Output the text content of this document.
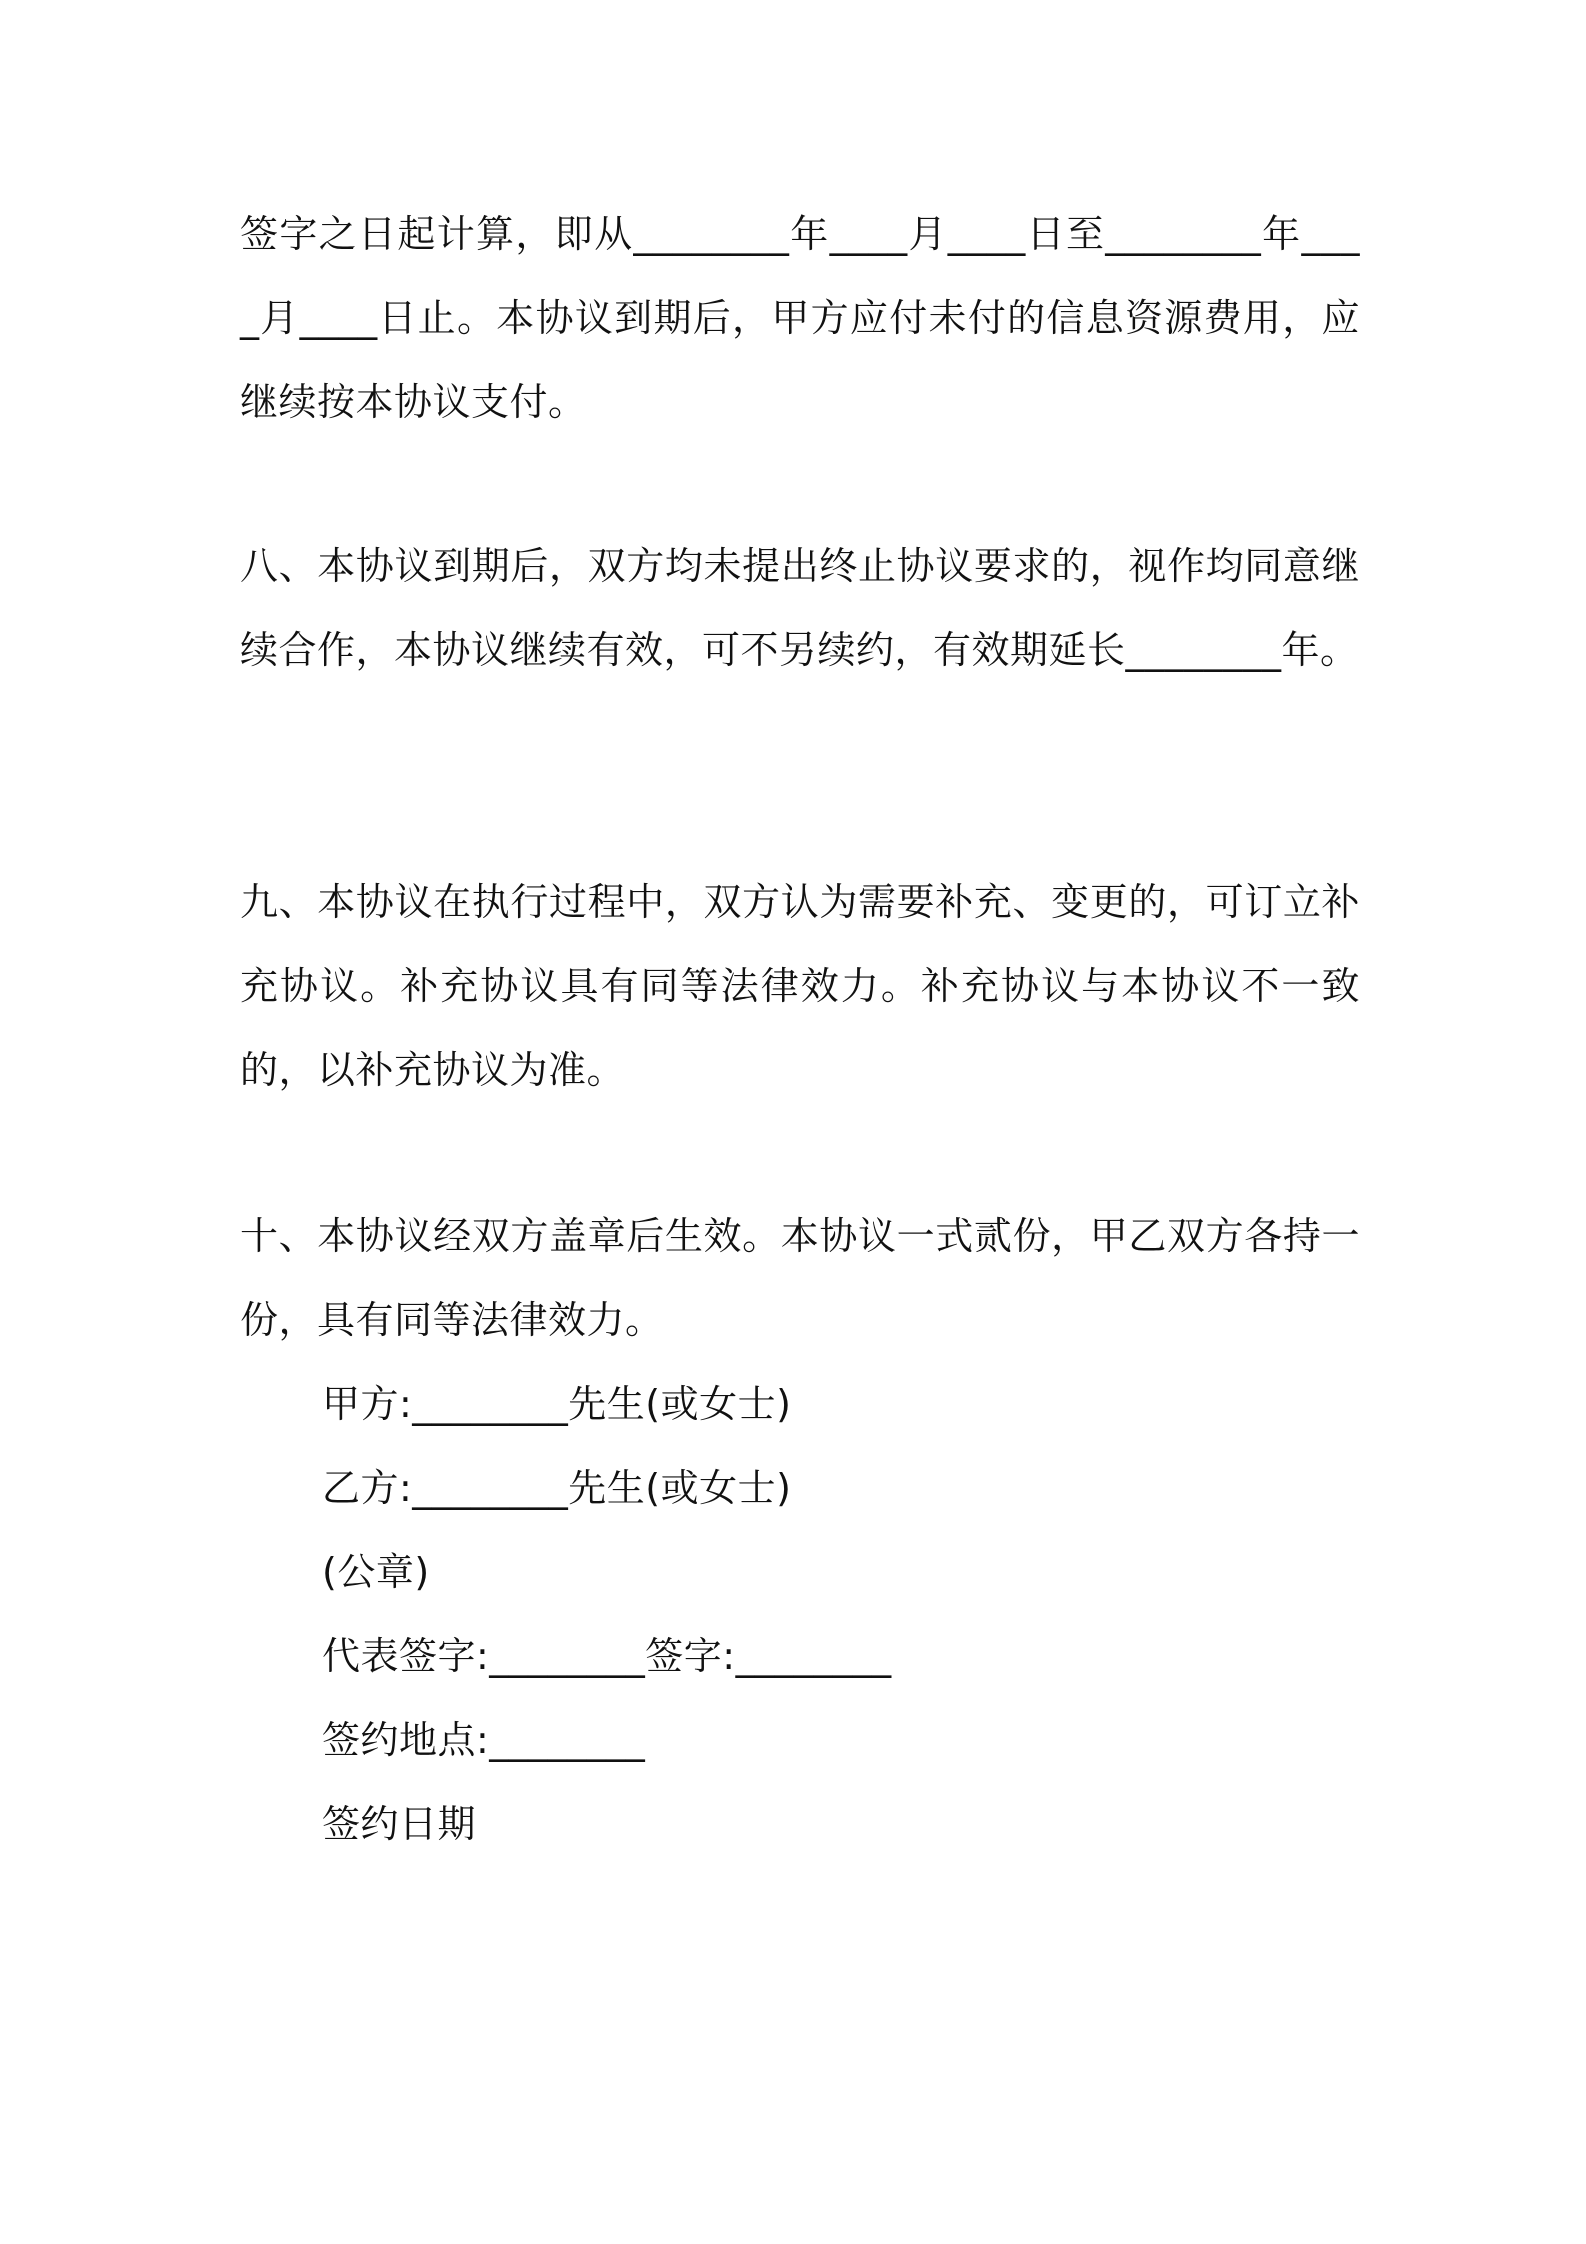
签字之日起计算，即从________年____月____日至________年____月____日止。本协议到期后，甲方应付未付的信息资源费用，应继续按本协议支付。

八、本协议到期后，双方均未提出终止协议要求的，视作均同意继续合作，本协议继续有效，可不另续约，有效期延长________年。

九、本协议在执行过程中，双方认为需要补充、变更的，可订立补充协议。补充协议具有同等法律效力。补充协议与本协议不一致的，以补充协议为准。

十、本协议经双方盖章后生效。本协议一式贰份，甲乙双方各持一份，具有同等法律效力。

甲方:________先生(或女士)
乙方:________先生(或女士)
(公章)
代表签字:________签字:________
签约地点:________
签约日期
